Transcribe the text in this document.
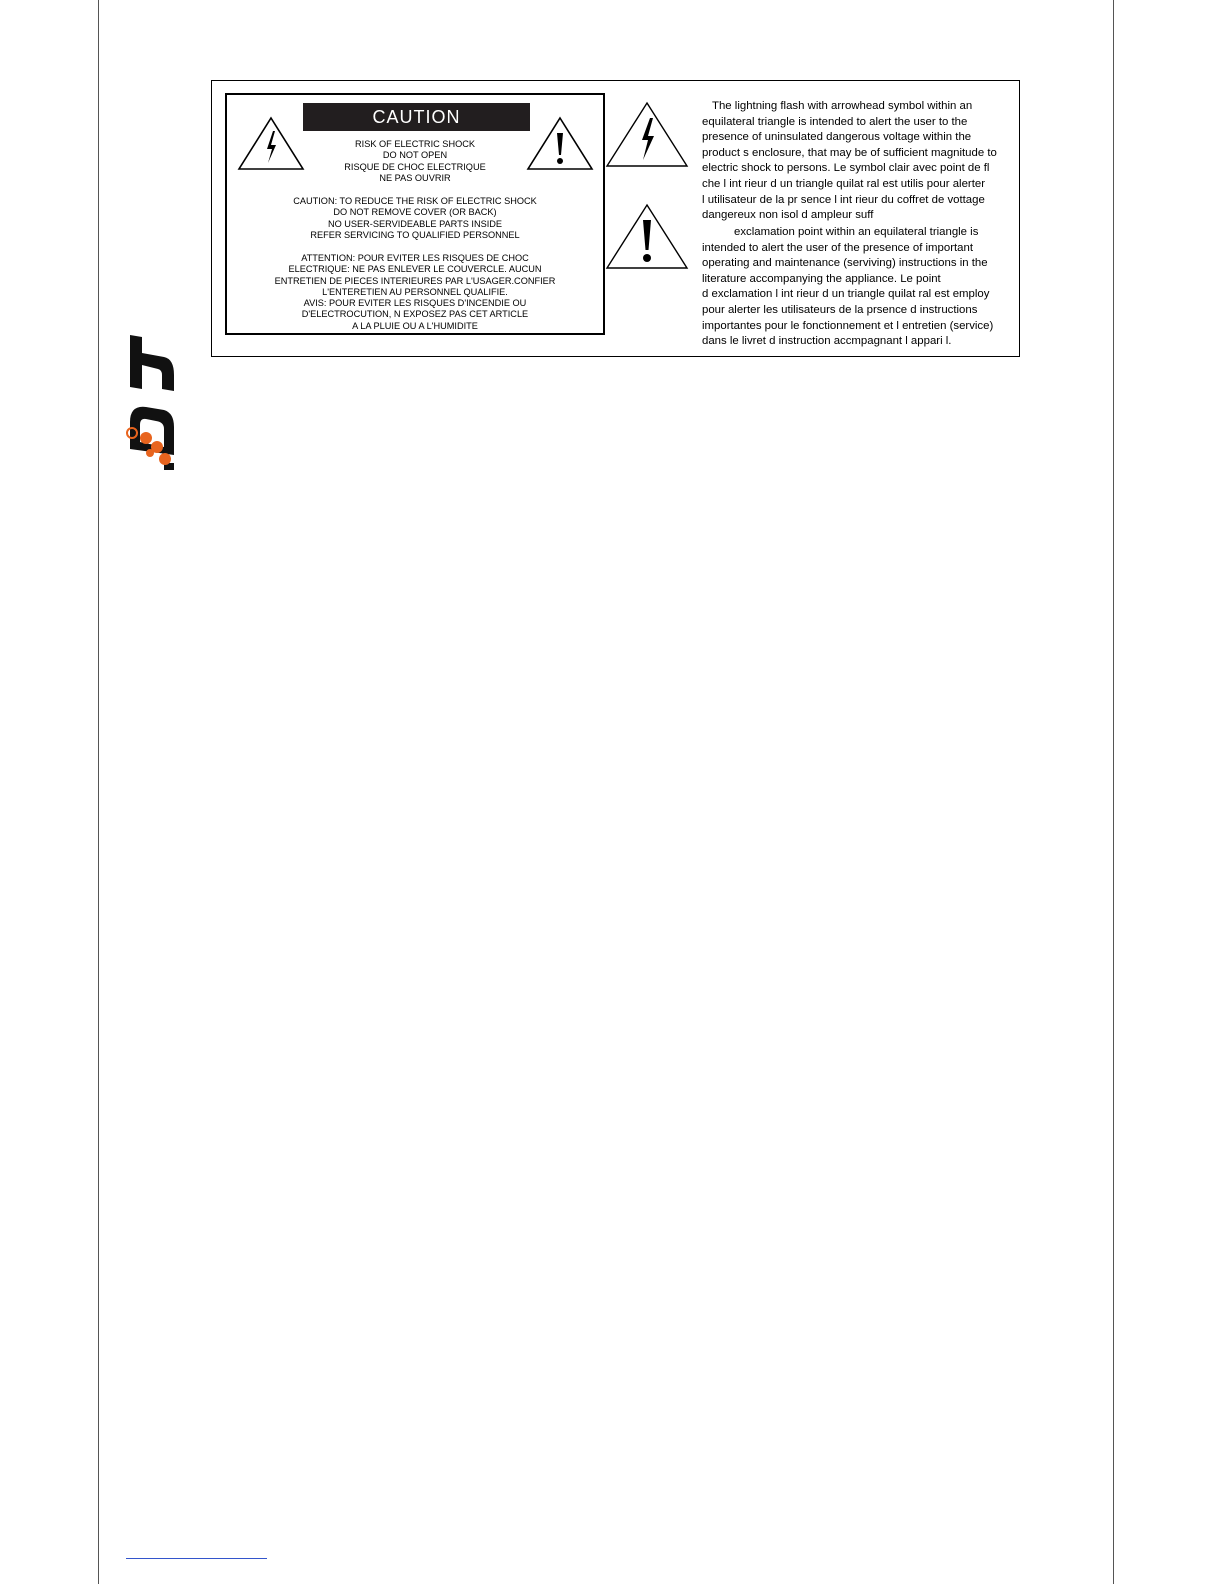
CAUTION
RISK OF ELECTRIC SHOCK
DO NOT OPEN
RISQUE DE CHOC ELECTRIQUE
NE PAS OUVRIR
CAUTION: TO REDUCE THE RISK OF ELECTRIC SHOCK
DO NOT REMOVE COVER (OR BACK)
NO USER-SERVIDEABLE PARTS INSIDE
REFER SERVICING TO QUALIFIED PERSONNEL
ATTENTION: POUR EVITER LES RISQUES DE CHOC
ELECTRIQUE: NE PAS ENLEVER LE COUVERCLE. AUCUN
ENTRETIEN DE PIECES INTERIEURES PAR L'USAGER.CONFIER
L'ENTERETIEN AU PERSONNEL QUALIFIE.
AVIS: POUR EVITER LES RISQUES D'INCENDIE OU
D'ELECTROCUTION, N EXPOSEZ PAS CET ARTICLE
A LA PLUIE OU A L'HUMIDITE
The lightning flash with arrowhead symbol within an
equilateral triangle is intended to alert the user to the
presence of uninsulated dangerous voltage within the
product s enclosure, that may be of sufficient magnitude to
electric shock to persons. Le symbol clair avec point de fl
che l int rieur d un triangle quilat ral est utilis pour alerter
l utilisateur de la pr sence l int rieur du coffret de vottage
dangereux non isol d ampleur suff
exclamation point within an equilateral triangle is
intended to alert the user of the presence of important
operating and maintenance (serviving) instructions in the
literature accompanying the appliance. Le point
d exclamation l int rieur d un triangle quilat ral est employ
pour alerter les utilisateurs de la prsence d instructions
importantes pour le fonctionnement et l entretien (service)
dans le livret d instruction accmpagnant l appari l.
